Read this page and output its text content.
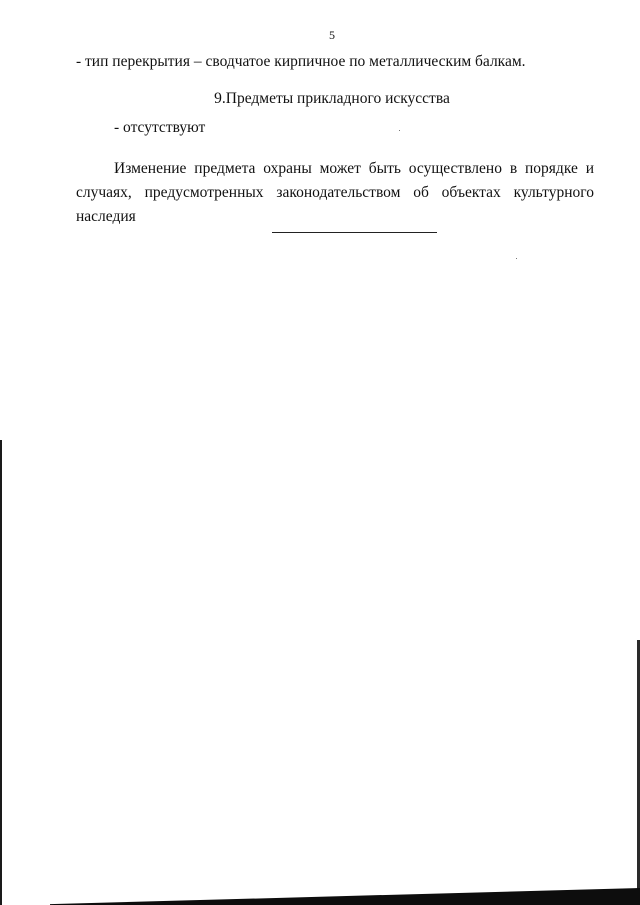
5
- тип перекрытия – сводчатое кирпичное по металлическим балкам.
9.Предметы прикладного искусства
- отсутствуют
Изменение предмета охраны может быть осуществлено в порядке и случаях, предусмотренных законодательством об объектах культурного наследия
